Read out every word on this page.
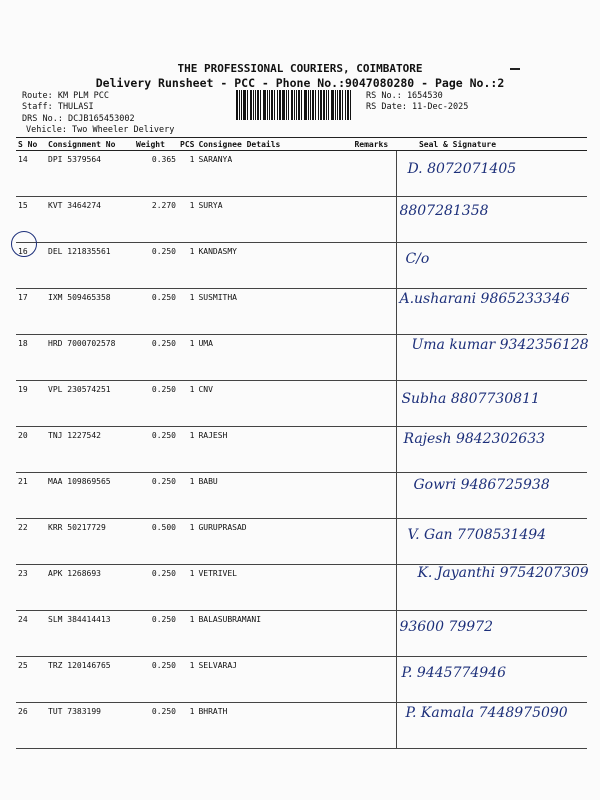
THE PROFESSIONAL COURIERS, COIMBATORE
Delivery Runsheet - PCC - Phone No.:9047080280 - Page No.:2
Route: KM PLM PCC
Staff: THULASI
DRS No.: DCJB165453002
Vehicle: Two Wheeler Delivery
RS No.: 1654530
RS Date: 11-Dec-2025
S No	Consignment No	Weight	PCS	Consignee Details	Remarks	Seal & Signature
14	DPI 5379564	0.365	1	SARANYA		D. 8072071405

15	KVT 3464274	2.270	1	SURYA		8807281358

16	DEL 121835561	0.250	1	KANDASMY		C/o

17	IXM 509465358	0.250	1	SUSMITHA		A.usharani 9865233346

18	HRD 7000702578	0.250	1	UMA		Uma kumar 9342356128

19	VPL 230574251	0.250	1	CNV		Subha 8807730811

20	TNJ 1227542	0.250	1	RAJESH		Rajesh 9842302633

21	MAA 109869565	0.250	1	BABU		Gowri 9486725938

22	KRR 50217729	0.500	1	GURUPRASAD		V. Gan 7708531494

23	APK 1268693	0.250	1	VETRIVEL		K. Jayanthi 9754207309

24	SLM 384414413	0.250	1	BALASUBRAMANI		93600 79972

25	TRZ 120146765	0.250	1	SELVARAJ		P. 9445774946

26	TUT 7383199	0.250	1	BHRATH		P. Kamala 7448975090
